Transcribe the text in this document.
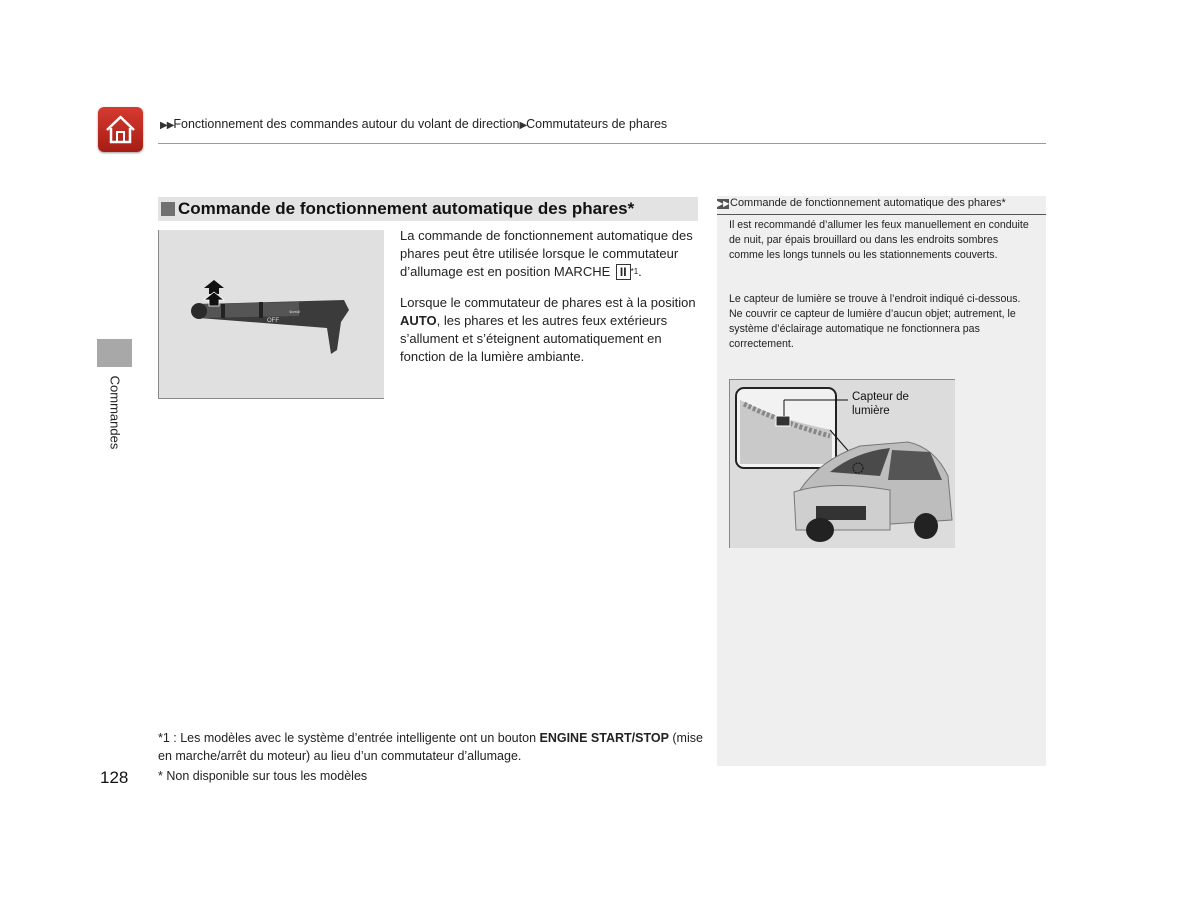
▶▶Fonctionnement des commandes autour du volant de direction▶Commutateurs de phares
Commandes
Commande de fonctionnement automatique des phares*
AUTO
OFF
⇦⇨
La commande de fonctionnement automatique des phares peut être utilisée lorsque le commutateur d’allumage est en position MARCHE II $^{*1}$.
Lorsque le commutateur de phares est à la position AUTO, les phares et les autres feux extérieurs s’allument et s’éteignent automatiquement en fonction de la lumière ambiante.
▶▶ Commande de fonctionnement automatique des phares*
Il est recommandé d’allumer les feux manuellement en conduite de nuit, par épais brouillard ou dans les endroits sombres comme les longs tunnels ou les stationnements couverts.
Le capteur de lumière se trouve à l’endroit indiqué ci-dessous.
Ne couvrir ce capteur de lumière d’aucun objet; autrement, le système d’éclairage automatique ne fonctionnera pas correctement.
Capteur de lumière
*1 : Les modèles avec le système d’entrée intelligente ont un bouton ENGINE START/STOP (mise en marche/arrêt du moteur) au lieu d’un commutateur d’allumage.
* Non disponible sur tous les modèles
128
